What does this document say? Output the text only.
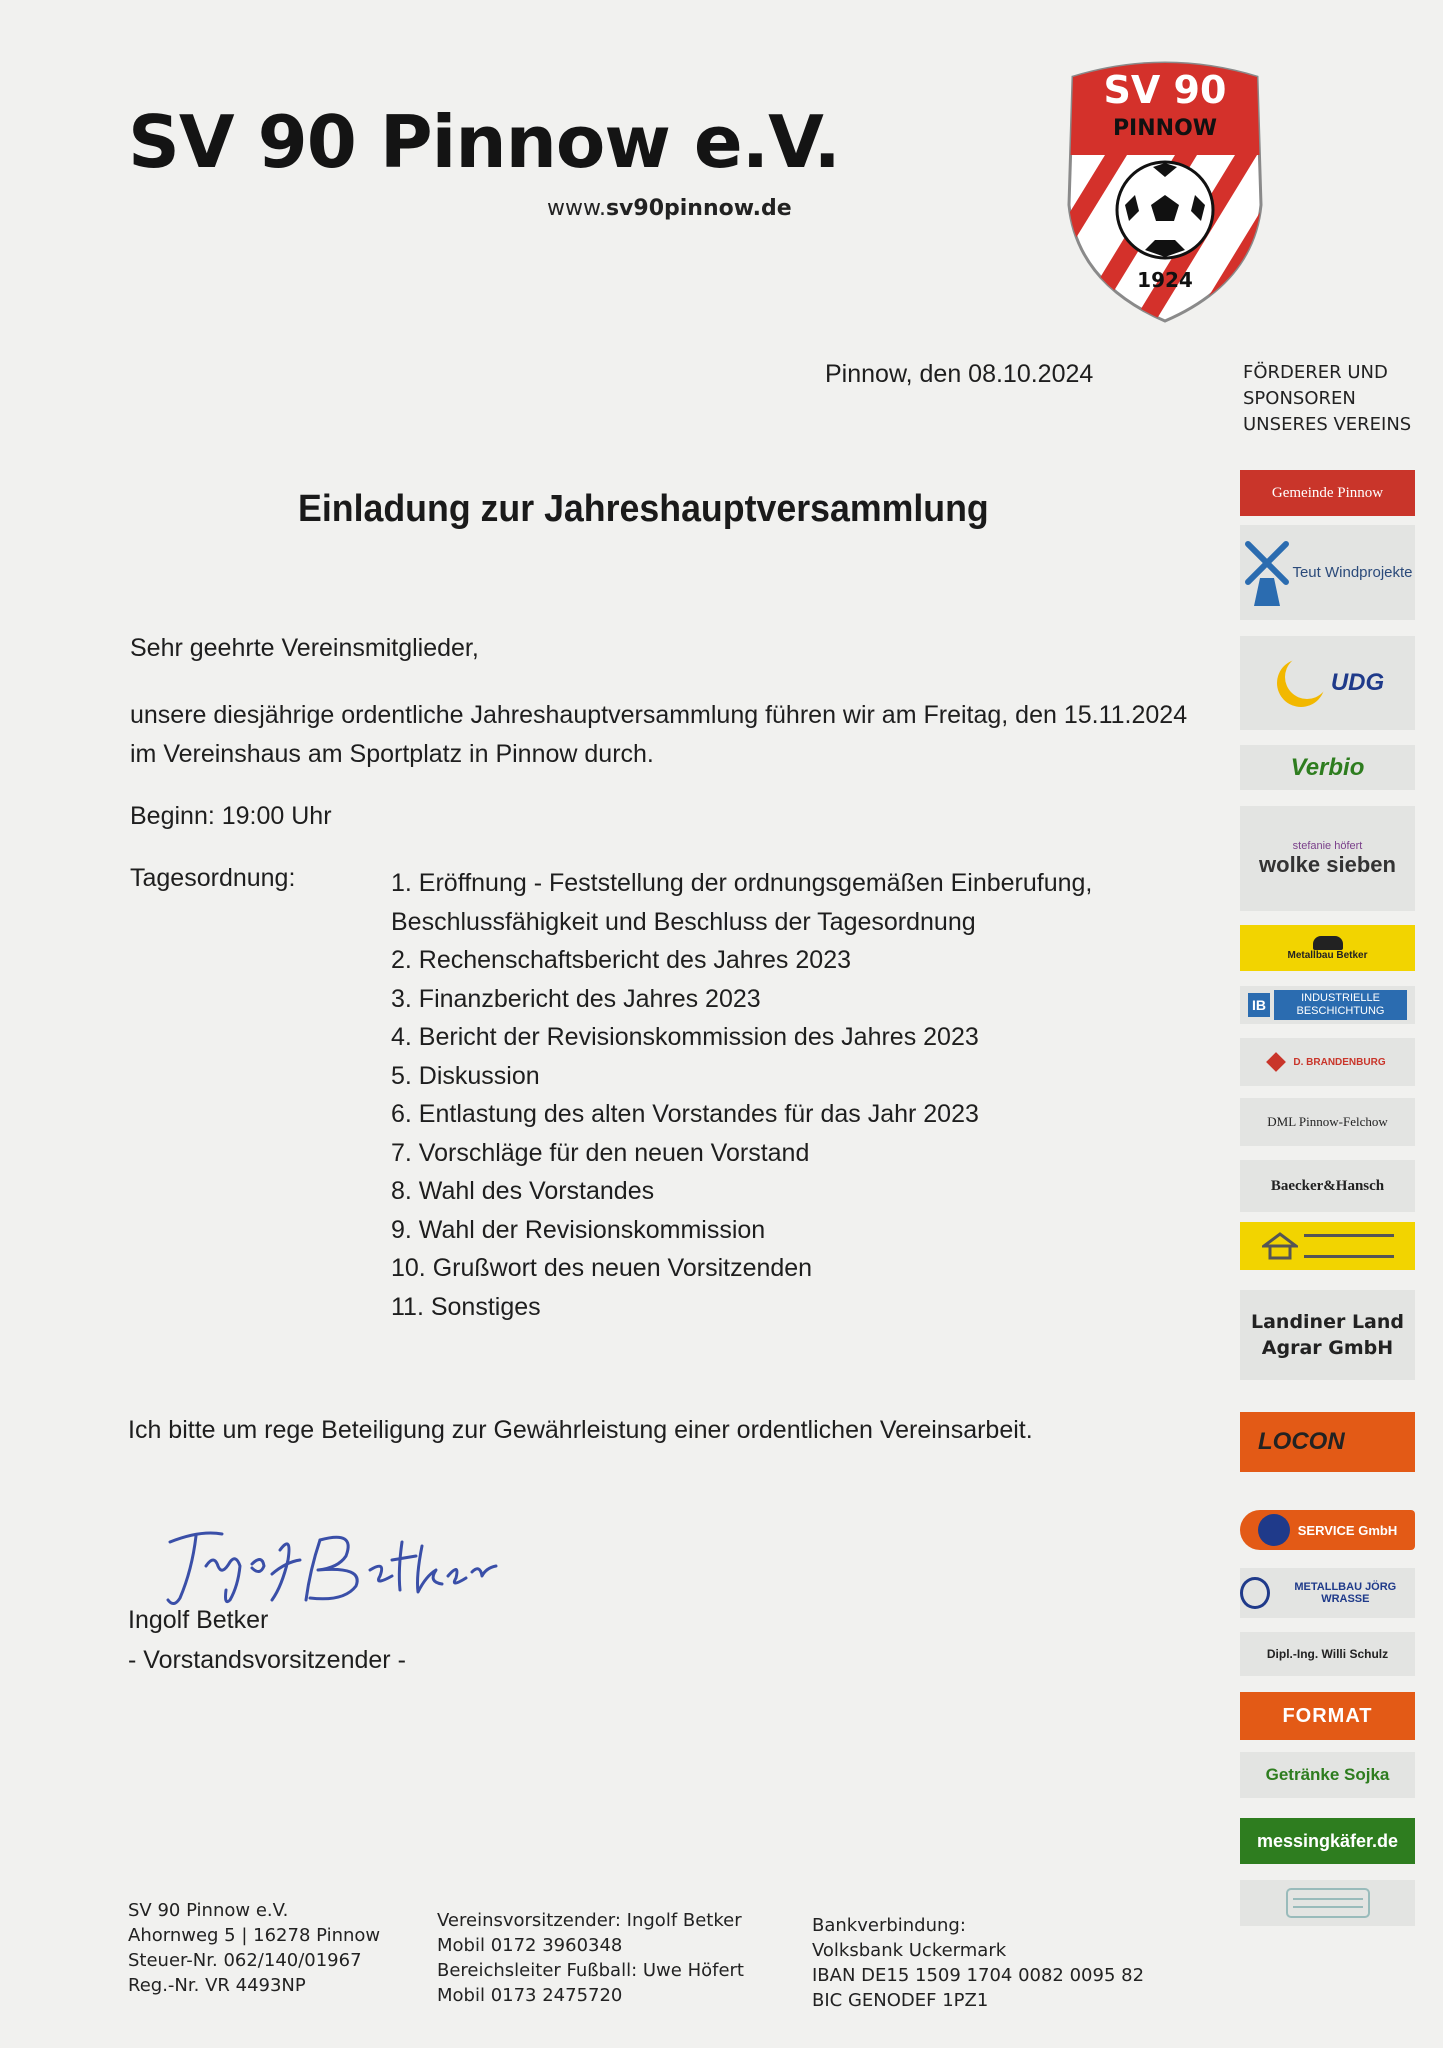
SV 90 Pinnow e.V.
www.sv90pinnow.de
SV 90
PINNOW
1924
Pinnow, den 08.10.2024	FÖRDERER UND
SPONSOREN
UNSERES VEREINS
Einladung zur Jahreshauptversammlung
Sehr geehrte Vereinsmitglieder,
unsere diesjährige ordentliche Jahreshauptversammlung führen wir am Freitag, den 15.11.2024
im Vereinshaus am Sportplatz in Pinnow durch.
Beginn: 19:00 Uhr
Tagesordnung:	1. Eröffnung - Feststellung der ordnungsgemäßen Einberufung,
Beschlussfähigkeit und Beschluss der Tagesordnung
2. Rechenschaftsbericht des Jahres 2023
3. Finanzbericht des Jahres 2023
4. Bericht der Revisionskommission des Jahres 2023
5. Diskussion
6. Entlastung des alten Vorstandes für das Jahr 2023
7. Vorschläge für den neuen Vorstand
8. Wahl des Vorstandes
9. Wahl der Revisionskommission
10. Grußwort des neuen Vorsitzenden
11. Sonstiges
Ich bitte um rege Beteiligung zur Gewährleistung einer ordentlichen Vereinsarbeit.
Ingolf Betker
- Vorstandsvorsitzender -
SV 90 Pinnow e.V.
Ahornweg 5 | 16278 Pinnow
Steuer-Nr. 062/140/01967
Reg.-Nr. VR 4493NP
Vereinsvorsitzender: Ingolf Betker
Mobil 0172 3960348
Bereichsleiter Fußball: Uwe Höfert
Mobil 0173 2475720
Bankverbindung:
Volksbank Uckermark
IBAN DE15 1509 1704 0082 0095 82
BIC GENODEF 1PZ1
Gemeinde Pinnow
Teut Windprojekte
UDG
Verbio
stefanie höfert
wolke sieben
Metallbau Betker
IB	INDUSTRIELLE BESCHICHTUNG
D. BRANDENBURG
DML Pinnow-Felchow
Baecker&Hansch
Landiner Land
Agrar GmbH
LOCON
SERVICE GmbH
METALLBAU JÖRG WRASSE
Dipl.-Ing. Willi Schulz
FORMAT
Getränke Sojka
messingkäfer.de
